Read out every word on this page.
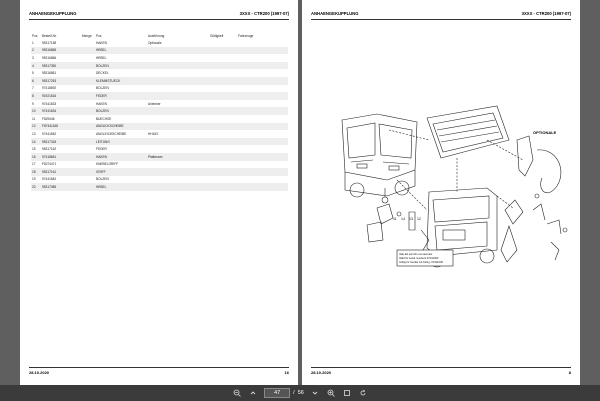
ANHAENGEKUPPLUNG	3XXX - CTR200 (1997-07)
Pos	Bestell-Nr.	Menge	Pos	Ausführung	Gültigkeit	Fahrzeuge
1	95317158		HAKEN	Optionals		
2	95316865		HEBEL			
3	95316866		HEBEL			
4	95317350		BOLZEN			
5	95316861		DECKEL			
6	95317253		KLEMMSTUECK			
7	97418692		BOLZEN			
8	91921616		FEDER			
9	97441633		HAKEN	Anlenker		
10	97441634		BOLZEN			
11	F829446		BUECHSE			
12	F87441168		ANGUCKSCHEIBE			
13	97441652		ANGLEICHSCHEIBE	HH163		
14	95317318		LEITUNG			
15	95317162		FEDER			
16	97418661		HAKEN	Plattenam		
17	F8274471		KNEBELGRIFF			
18	95317161		GRIFF			
19	97441640		BOLZEN			
20	95317085		HEBEL			
28.10.2020	16
ANHAENGEKUPPLUNG	3XXX - CTR200 (1997-07)
OPTIONALE
11 14 13 12
Vale del servizio sul esemaio
Valid for serial numbers 07441003
Gültig für Geräte mit Fahrg. 97441009
28.10.2020	8
47	/ 56
